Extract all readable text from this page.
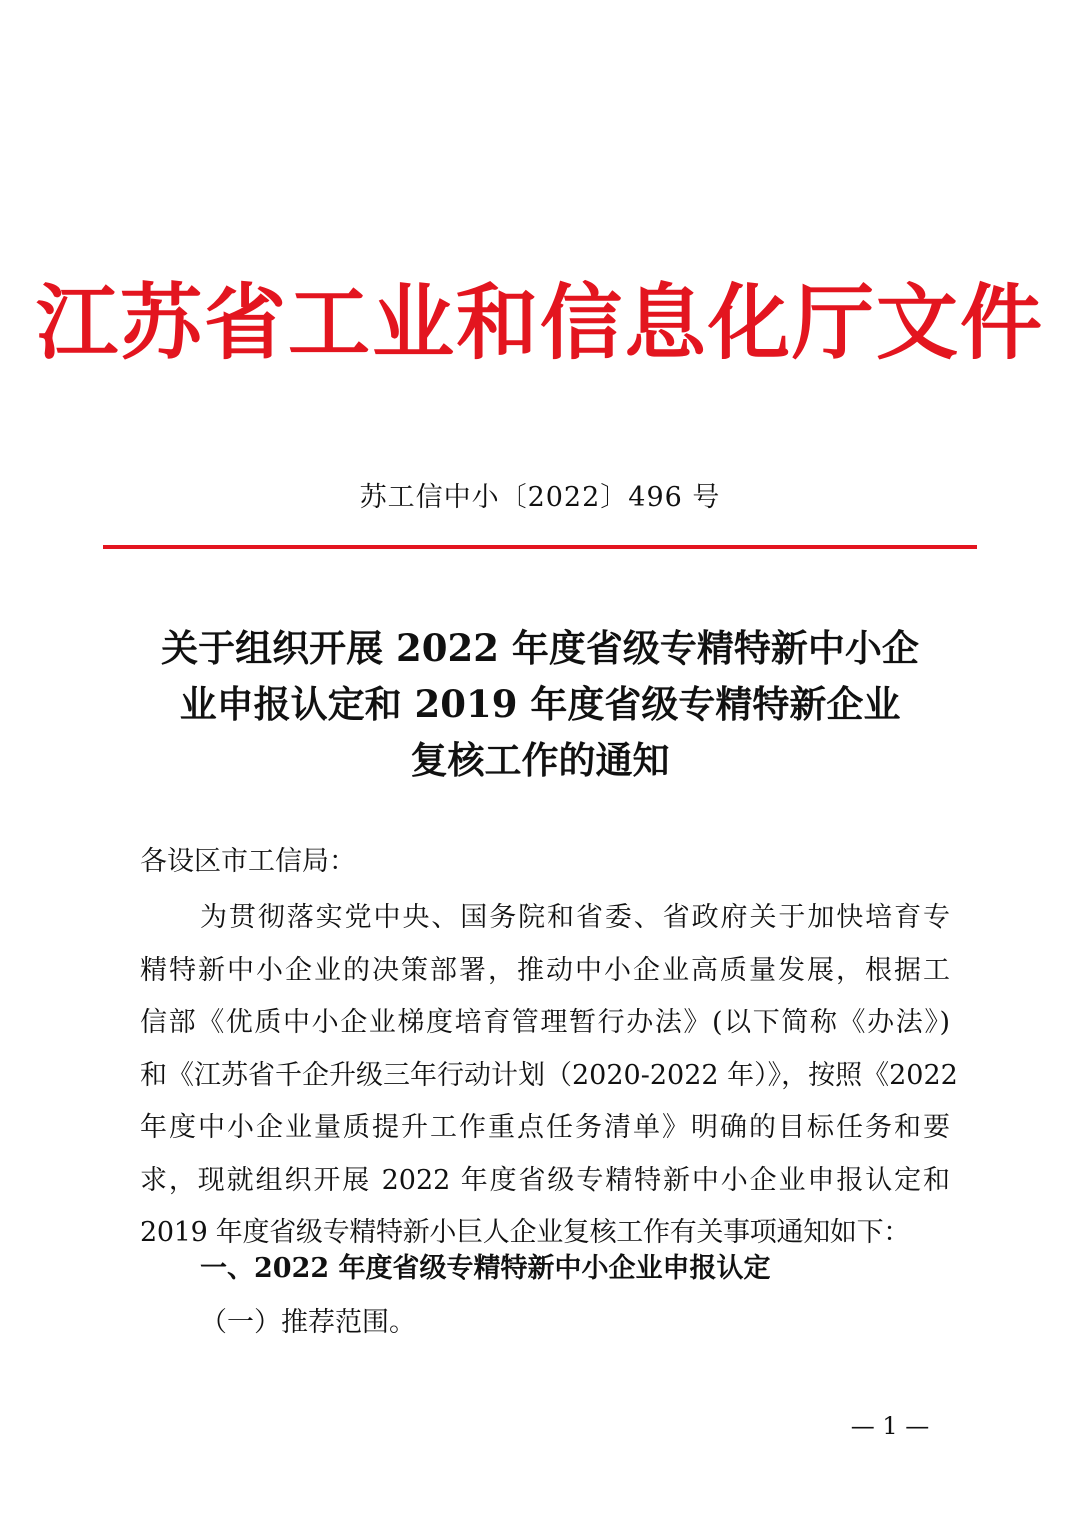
江苏省工业和信息化厅文件
苏工信中小〔2022〕496 号
关于组织开展 2022 年度省级专精特新中小企
业申报认定和 2019 年度省级专精特新企业
复核工作的通知
各设区市工信局：
为贯彻落实党中央、国务院和省委、省政府关于加快培育专
精特新中小企业的决策部署，推动中小企业高质量发展，根据工
信部《优质中小企业梯度培育管理暂行办法》(以下简称《办法》)
和《江苏省千企升级三年行动计划（2020-2022 年）》，按照《2022
年度中小企业量质提升工作重点任务清单》明确的目标任务和要
求，现就组织开展 2022 年度省级专精特新中小企业申报认定和
2019 年度省级专精特新小巨人企业复核工作有关事项通知如下：
一、2022 年度省级专精特新中小企业申报认定
（一）推荐范围。
— 1 —
